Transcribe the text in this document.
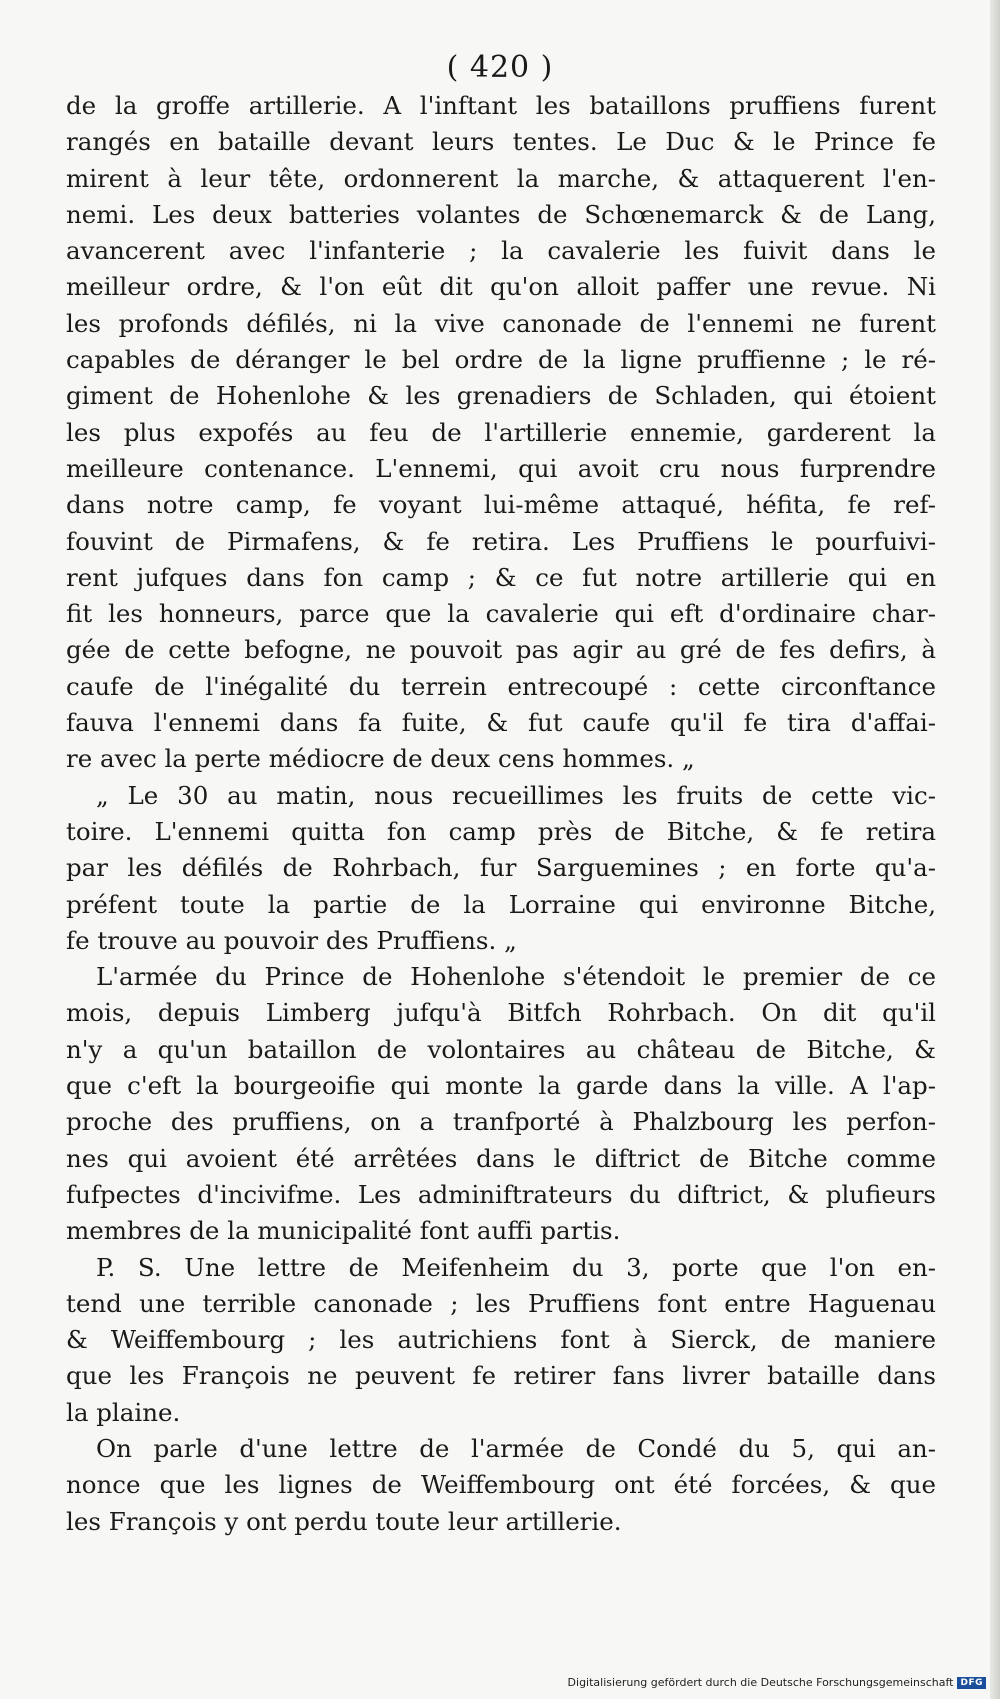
( 420 )
de la groffe artillerie. A l'inftant les bataillons pruffiens furent
rangés en bataille devant leurs tentes. Le Duc & le Prince fe
mirent à leur tête, ordonnerent la marche, & attaquerent l'en-
nemi. Les deux batteries volantes de Schœnemarck & de Lang,
avancerent avec l'infanterie ; la cavalerie les fuivit dans le
meilleur ordre, & l'on eût dit qu'on alloit paffer une revue. Ni
les profonds défilés, ni la vive canonade de l'ennemi ne furent
capables de déranger le bel ordre de la ligne pruffienne ; le ré-
giment de Hohenlohe & les grenadiers de Schladen, qui étoient
les plus expofés au feu de l'artillerie ennemie, garderent la
meilleure contenance. L'ennemi, qui avoit cru nous furprendre
dans notre camp, fe voyant lui-même attaqué, héfita, fe ref-
fouvint de Pirmafens, & fe retira. Les Pruffiens le pourfuivi-
rent jufques dans fon camp ; & ce fut notre artillerie qui en
fit les honneurs, parce que la cavalerie qui eft d'ordinaire char-
gée de cette befogne, ne pouvoit pas agir au gré de fes defirs, à
caufe de l'inégalité du terrein entrecoupé : cette circonftance
fauva l'ennemi dans fa fuite, & fut caufe qu'il fe tira d'affai-
re avec la perte médiocre de deux cens hommes. „
„ Le 30 au matin, nous recueillimes les fruits de cette vic-
toire. L'ennemi quitta fon camp près de Bitche, & fe retira
par les défilés de Rohrbach, fur Sarguemines ; en forte qu'a-
préfent toute la partie de la Lorraine qui environne Bitche,
fe trouve au pouvoir des Pruffiens. „
L'armée du Prince de Hohenlohe s'étendoit le premier de ce
mois, depuis Limberg jufqu'à Bitfch Rohrbach. On dit qu'il
n'y a qu'un bataillon de volontaires au château de Bitche, &
que c'eft la bourgeoifie qui monte la garde dans la ville. A l'ap-
proche des pruffiens, on a tranfporté à Phalzbourg les perfon-
nes qui avoient été arrêtées dans le diftrict de Bitche comme
fufpectes d'incivifme. Les adminiftrateurs du diftrict, & plufieurs
membres de la municipalité font auffi partis.
P. S. Une lettre de Meifenheim du 3, porte que l'on en-
tend une terrible canonade ; les Pruffiens font entre Haguenau
& Weiffembourg ; les autrichiens font à Sierck, de maniere
que les François ne peuvent fe retirer fans livrer bataille dans
la plaine.
On parle d'une lettre de l'armée de Condé du 5, qui an-
nonce que les lignes de Weiffembourg ont été forcées, & que
les François y ont perdu toute leur artillerie.
Digitalisierung gefördert durch die Deutsche Forschungsgemeinschaft DFG
